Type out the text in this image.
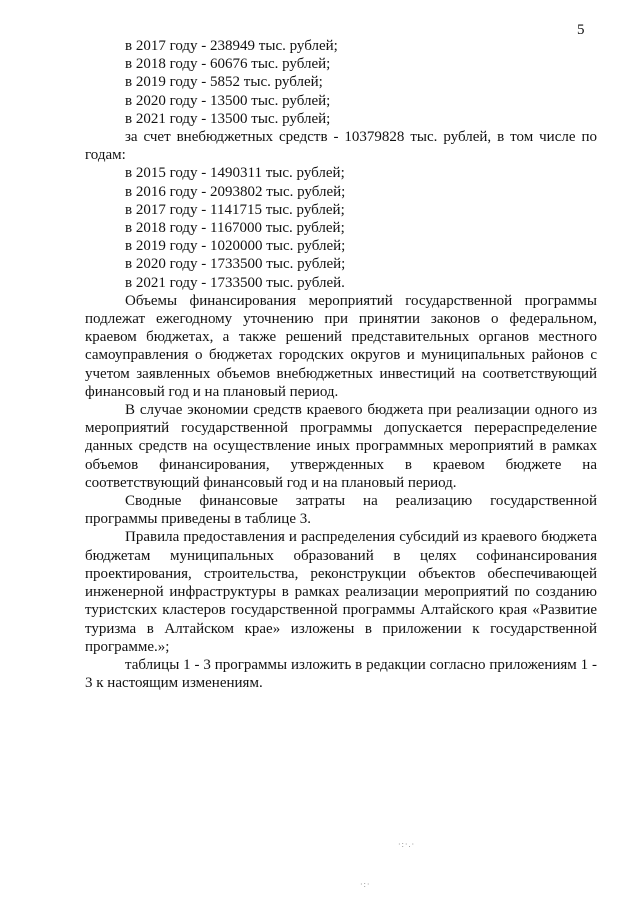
5
в 2017 году - 238949 тыс. рублей;
в 2018 году - 60676 тыс. рублей;
в 2019 году - 5852 тыс. рублей;
в 2020 году - 13500 тыс. рублей;
в 2021 году - 13500 тыс. рублей;

за счет внебюджетных средств - 10379828 тыс. рублей, в том числе по годам:

в 2015 году - 1490311 тыс. рублей;
в 2016 году - 2093802 тыс. рублей;
в 2017 году - 1141715 тыс. рублей;
в 2018 году - 1167000 тыс. рублей;
в 2019 году - 1020000 тыс. рублей;
в 2020 году - 1733500 тыс. рублей;
в 2021 году - 1733500 тыс. рублей.

Объемы финансирования мероприятий государственной программы подлежат ежегодному уточнению при принятии законов о федеральном, краевом бюджетах, а также решений представительных органов местного самоуправления о бюджетах городских округов и муниципальных районов с учетом заявленных объемов внебюджетных инвестиций на соответствующий финансовый год и на плановый период.

В случае экономии средств краевого бюджета при реализации одного из мероприятий государственной программы допускается перераспределение данных средств на осуществление иных программных мероприятий в рамках объемов финансирования, утвержденных в краевом бюджете на соответствующий финансовый год и на плановый период.

Сводные финансовые затраты на реализацию государственной программы приведены в таблице 3.

Правила предоставления и распределения субсидий из краевого бюджета бюджетам муниципальных образований в целях софинансирования проектирования, строительства, реконструкции объектов обеспечивающей инженерной инфраструктуры в рамках реализации мероприятий по созданию туристских кластеров государственной программы Алтайского края «Развитие туризма в Алтайском крае» изложены в приложении к государственной программе.»;

таблицы 1 - 3 программы изложить в редакции согласно приложениям 1 - 3 к настоящим изменениям.

·:·.·
·:·
